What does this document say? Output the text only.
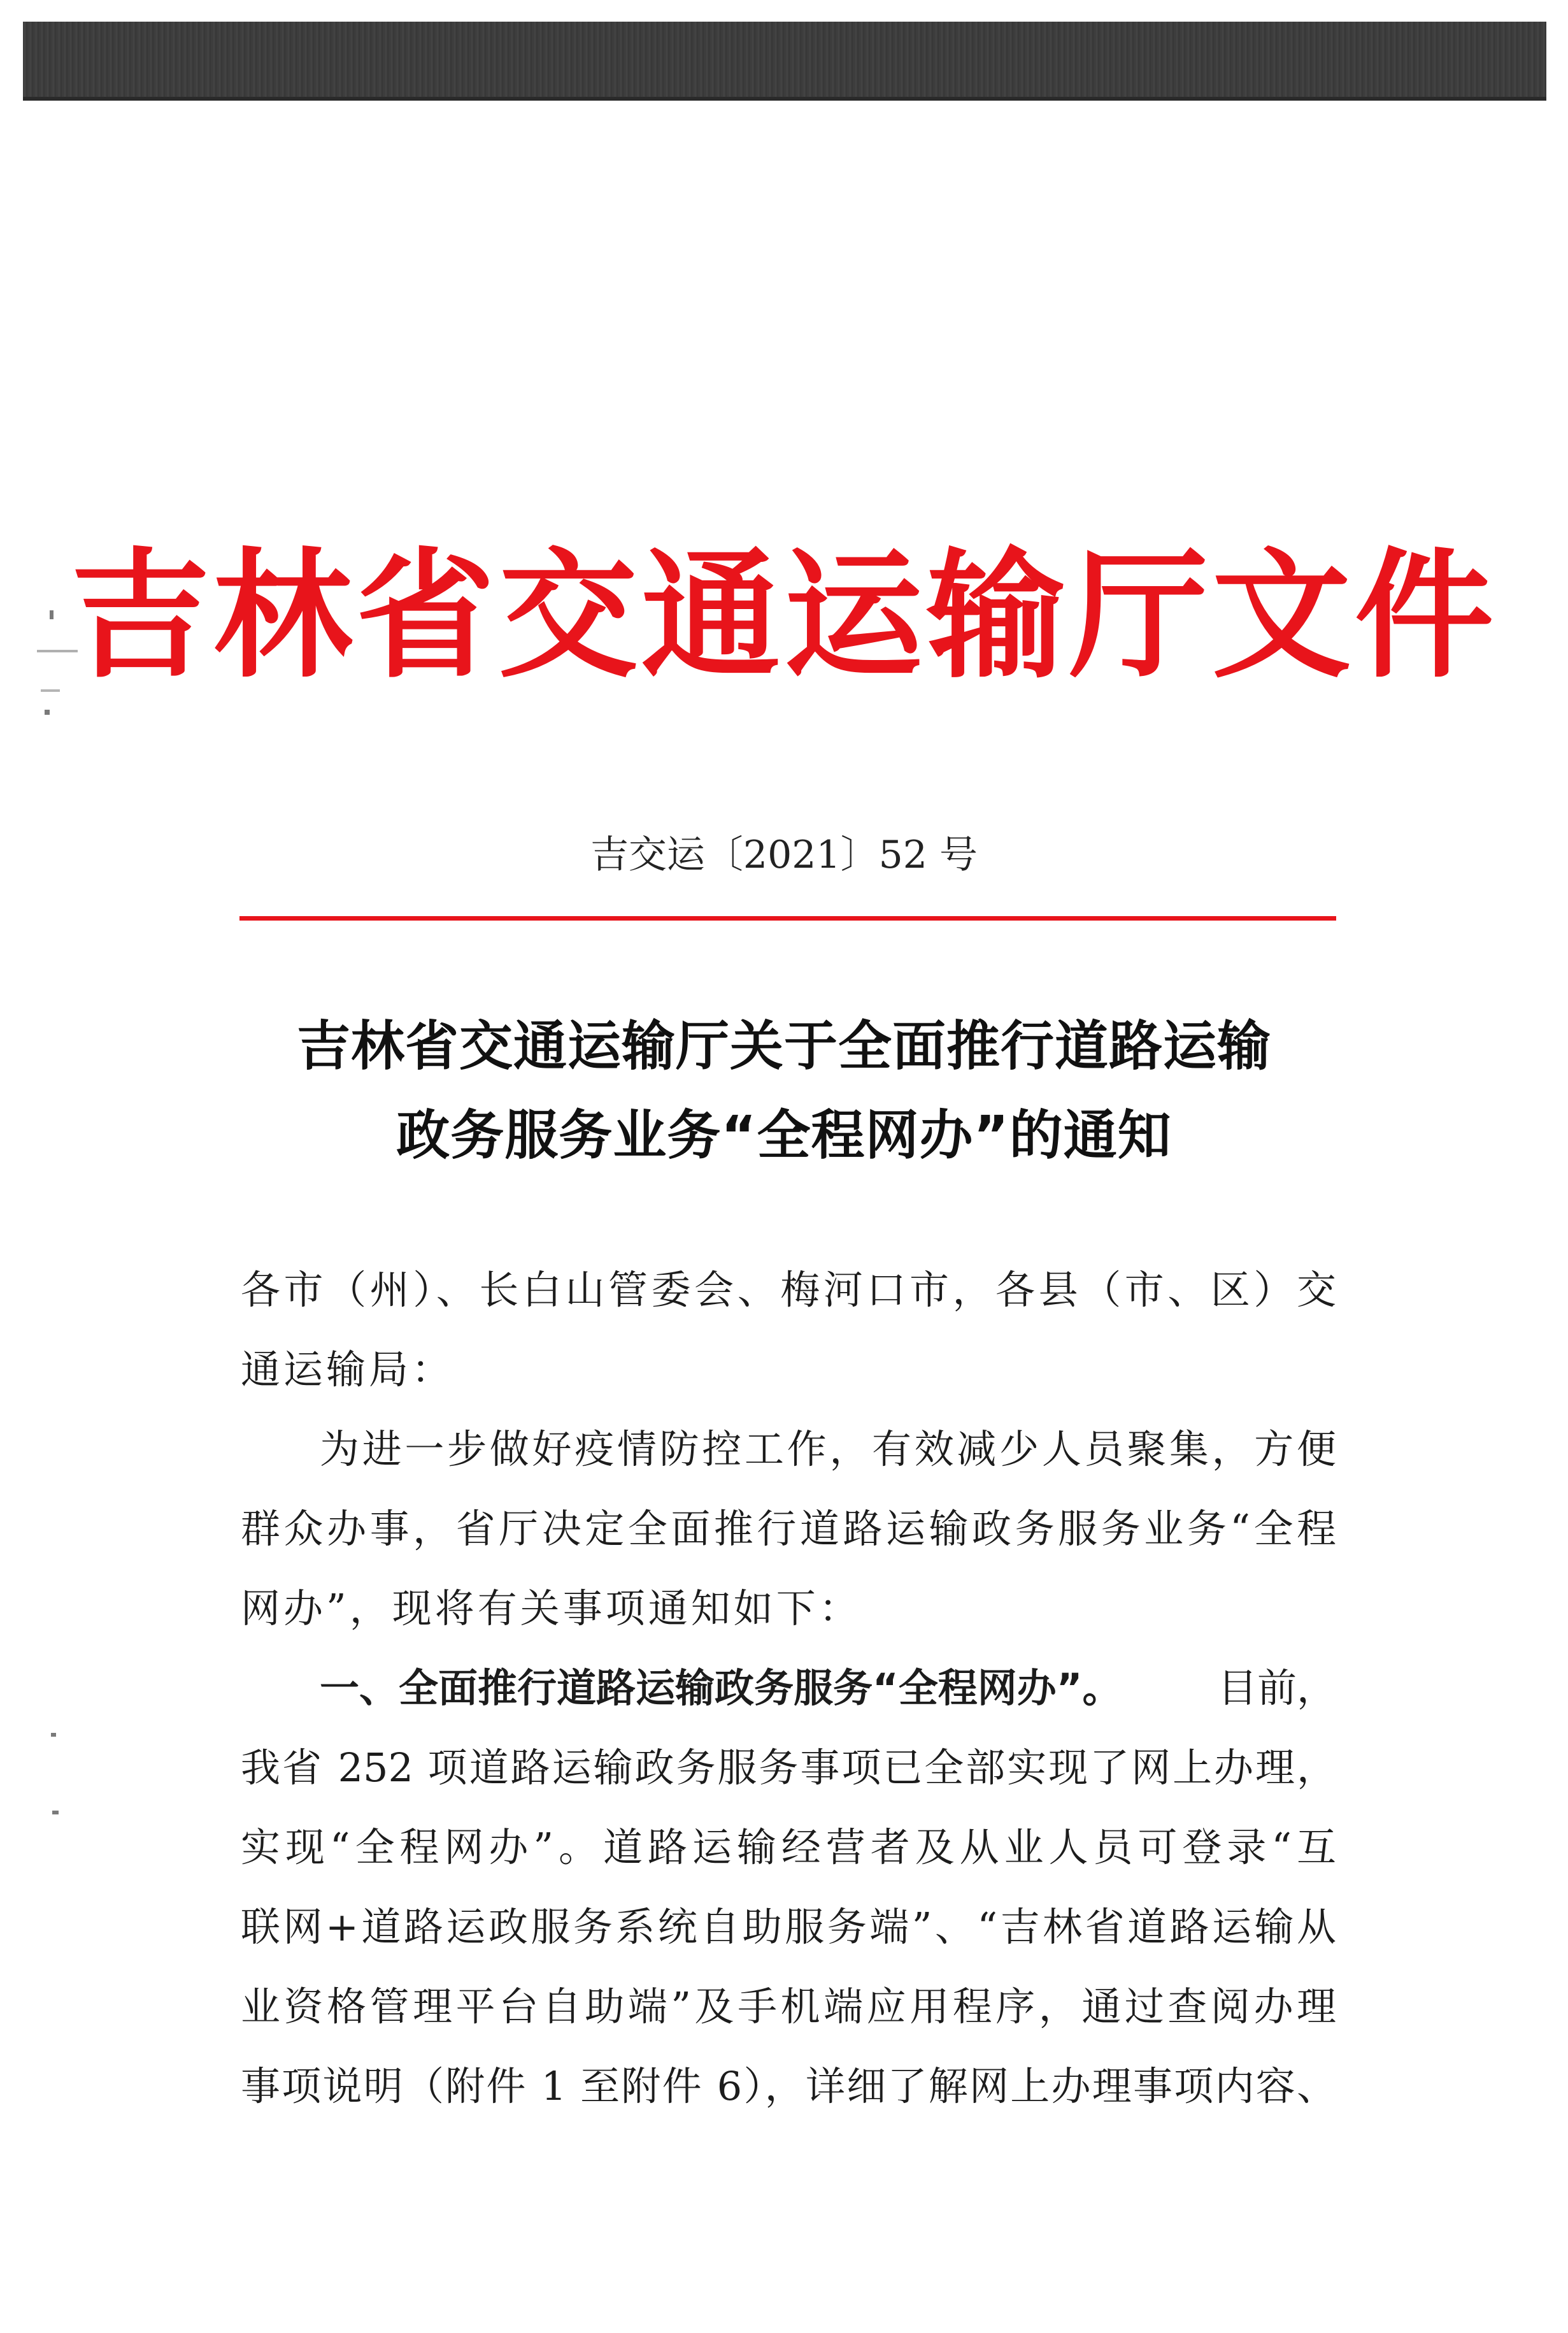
吉林省交通运输厅文件
吉交运〔2021〕52 号
吉林省交通运输厅关于全面推行道路运输
政务服务业务“全程网办”的通知
各市（州）、长白山管委会、梅河口市，各县（市、区）交
通运输局：
为进一步做好疫情防控工作，有效减少人员聚集，方便
群众办事，省厅决定全面推行道路运输政务服务业务“全程
网办”，现将有关事项通知如下：
一、全面推行道路运输政务服务“全程网办”。 目前，
我省 252 项道路运输政务服务事项已全部实现了网上办理，
实现“全程网办”。道路运输经营者及从业人员可登录“互
联网+道路运政服务系统自助服务端”、“吉林省道路运输从
业资格管理平台自助端”及手机端应用程序，通过查阅办理
事项说明（附件 1 至附件 6），详细了解网上办理事项内容、
